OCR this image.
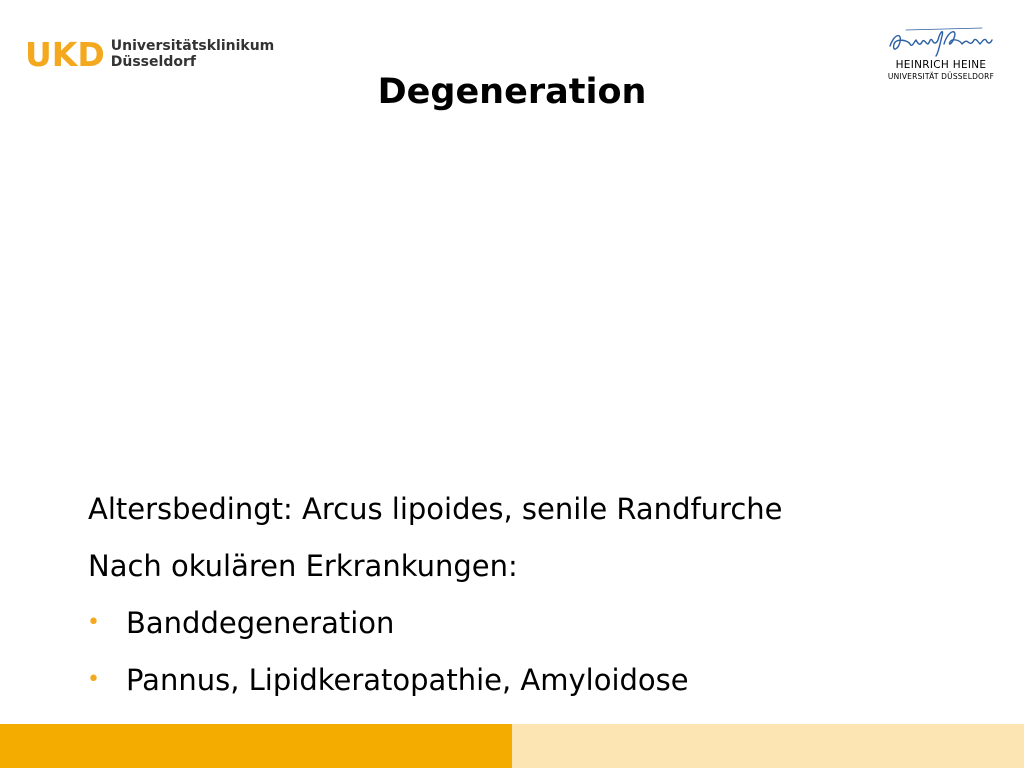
UKD Universitätsklinikum
Düsseldorf	HEINRICH HEINE
UNIVERSITÄT DÜSSELDORF
Degeneration
Altersbedingt: Arcus lipoides, senile Randfurche
Nach okulären Erkrankungen:
• Banddegeneration
• Pannus, Lipidkeratopathie, Amyloidose
